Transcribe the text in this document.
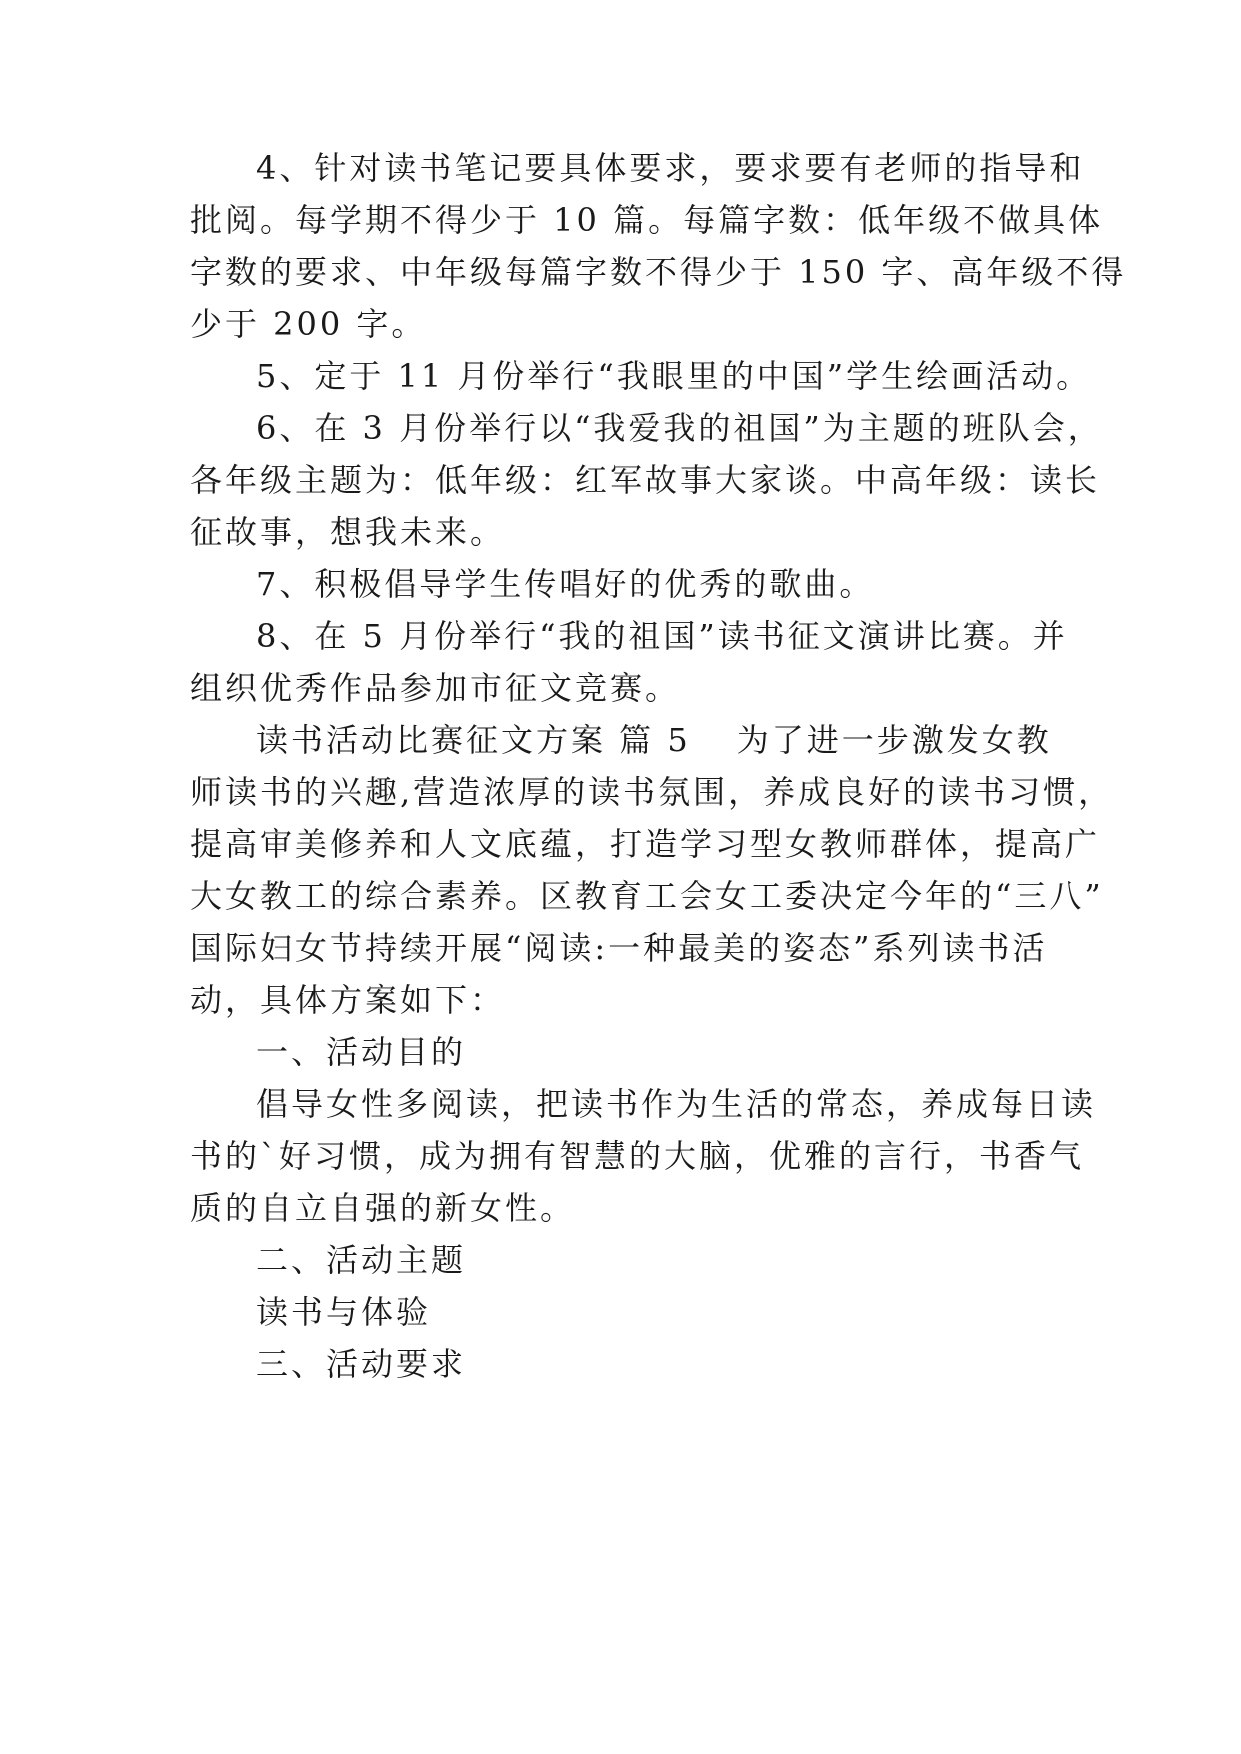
4、针对读书笔记要具体要求，要求要有老师的指导和
批阅。每学期不得少于 10 篇。每篇字数：低年级不做具体
字数的要求、中年级每篇字数不得少于 150 字、高年级不得
少于 200 字。
5、定于 11 月份举行“我眼里的中国”学生绘画活动。
6、在 3 月份举行以“我爱我的祖国”为主题的班队会，
各年级主题为：低年级：红军故事大家谈。中高年级：读长
征故事，想我未来。
7、积极倡导学生传唱好的优秀的歌曲。
8、在 5 月份举行“我的祖国”读书征文演讲比赛。并
组织优秀作品参加市征文竞赛。
读书活动比赛征文方案 篇 5 为了进一步激发女教
师读书的兴趣,营造浓厚的读书氛围，养成良好的读书习惯，
提高审美修养和人文底蕴，打造学习型女教师群体，提高广
大女教工的综合素养。区教育工会女工委决定今年的“三八”
国际妇女节持续开展“阅读:一种最美的姿态”系列读书活
动，具体方案如下：
一、活动目的
倡导女性多阅读，把读书作为生活的常态，养成每日读
书的`好习惯，成为拥有智慧的大脑，优雅的言行，书香气
质的自立自强的新女性。
二、活动主题
读书与体验
三、活动要求
